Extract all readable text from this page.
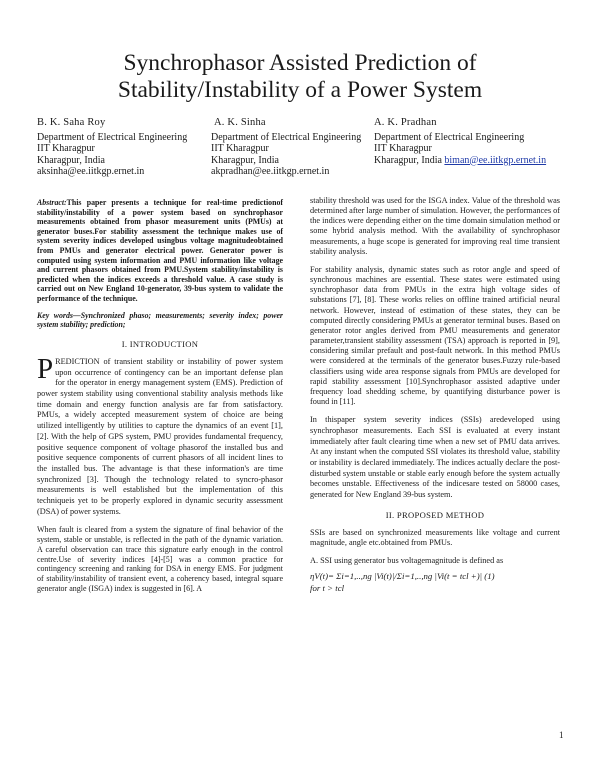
Synchrophasor Assisted Prediction of
Stability/Instability of a Power System
B. K. Saha Roy
Department of Electrical Engineering
IIT Kharagpur
Kharagpur, India
aksinha@ee.iitkgp.ernet.in
A. K. Sinha
Department of Electrical Engineering
IIT Kharagpur
Kharagpur, India
akpradhan@ee.iitkgp.ernet.in
A. K. Pradhan
Department of Electrical Engineering
IIT Kharagpur
Kharagpur, India biman@ee.iitkgp.ernet.in

Abstract:This paper presents a technique for real-time predictionof stability/instability of a power system based on synchrophasor measurements obtained from phasor measurement units (PMUs) at generator buses.For stability assessment the technique makes use of system severity indices developed usingbus voltage magnitudeobtained from PMUs and generator electrical power. Generator power is computed using system information and PMU information like voltage and current phasors obtained from PMU.System stability/instability is predicted when the indices exceeds a threshold value. A case study is carried out on New England 10-generator, 39-bus system to validate the performance of the technique.

Key words—Synchronized phaso; measurements; severity index; power system stability; prediction;

I. INTRODUCTION

PREDICTION of transient stability or instability of power system upon occurrence of contingency can be an important defense plan for the operator in energy management system (EMS). Prediction of power system stability using conventional stability analysis methods like time domain and energy function analysis are far from satisfactory. PMUs, a widely accepted measurement system of choice are being utilized intelligently by utilities to capture the dynamics of an event [1], [2]. With the help of GPS system, PMU provides fundamental frequency, positive sequence component of voltage phasorof the installed bus and positive sequence components of current phasors of all incident lines to the installed bus. The advantage is that these information's are time synchronized [3]. Though the technology related to syncro-phasor measurements is well established but the implementation of this techniqueis yet to be properly explored in dynamic security assessment (DSA) of power systems.

When fault is cleared from a system the signature of final behavior of the system, stable or unstable, is reflected in the path of the dynamic variation. A careful observation can trace this signature early enough in the control centre.Use of severity indices [4]-[5] was a common practice for contingency screening and ranking for DSA in energy EMS. For judgment of stability/instability of transient event, a coherency based, integral square generator angle (ISGA) index is suggested in [6]. A

stability threshold was used for the ISGA index. Value of the threshold was determined after large number of simulation. However, the performances of the indices were depending either on the time domain simulation method or some hybrid analysis method. With the availability of synchrophasor measurements, a huge scope is generated for improving real time transient stability analysis.

For stability analysis, dynamic states such as rotor angle and speed of synchronous machines are essential. These states were estimated using synchrophasor data from PMUs in the extra high voltage sides of substations [7], [8]. These works relies on offline trained artificial neural network. However, instead of estimation of these states, they can be computed directly considering PMUs at generator terminal buses. Based on generator rotor angles derived from PMU measurements and generator parameter,transient stability assessment (TSA) approach is reported in [9], considering similar prefault and post-fault network. In this method PMUs were considered at the terminals of the generator buses.Fuzzy rule-based classifiers using wide area response signals from PMUs are developed for rapid stability assessment [10].Synchrophasor assisted adaptive under frequency load shedding scheme, by quantifying disturbance power is found in [11].

In thispaper system severity indices (SSIs) aredeveloped using synchrophasor measurements. Each SSI is evaluated at every instant immediately after fault clearing time when a new set of PMU data arrives. At any instant when the computed SSI violates its threshold value, stability or instability is declared immediately. The indices actually declare the post-disturbed system unstable or stable early enough before the system actually becomes unstable. Effectiveness of the indicesare tested on 58000 cases, generated for New England 39-bus system.

II. PROPOSED METHOD

SSIs are based on synchronized measurements like voltage and current magnitude, angle etc.obtained from PMUs.

A. SSI using generator bus voltagemagnitude is defined as

ηV(t)= Σi=1,..,ng |Vi(t)|/Σi=1,..,ng |Vi(t = tcl +)| (1)
for t > tcl
1
